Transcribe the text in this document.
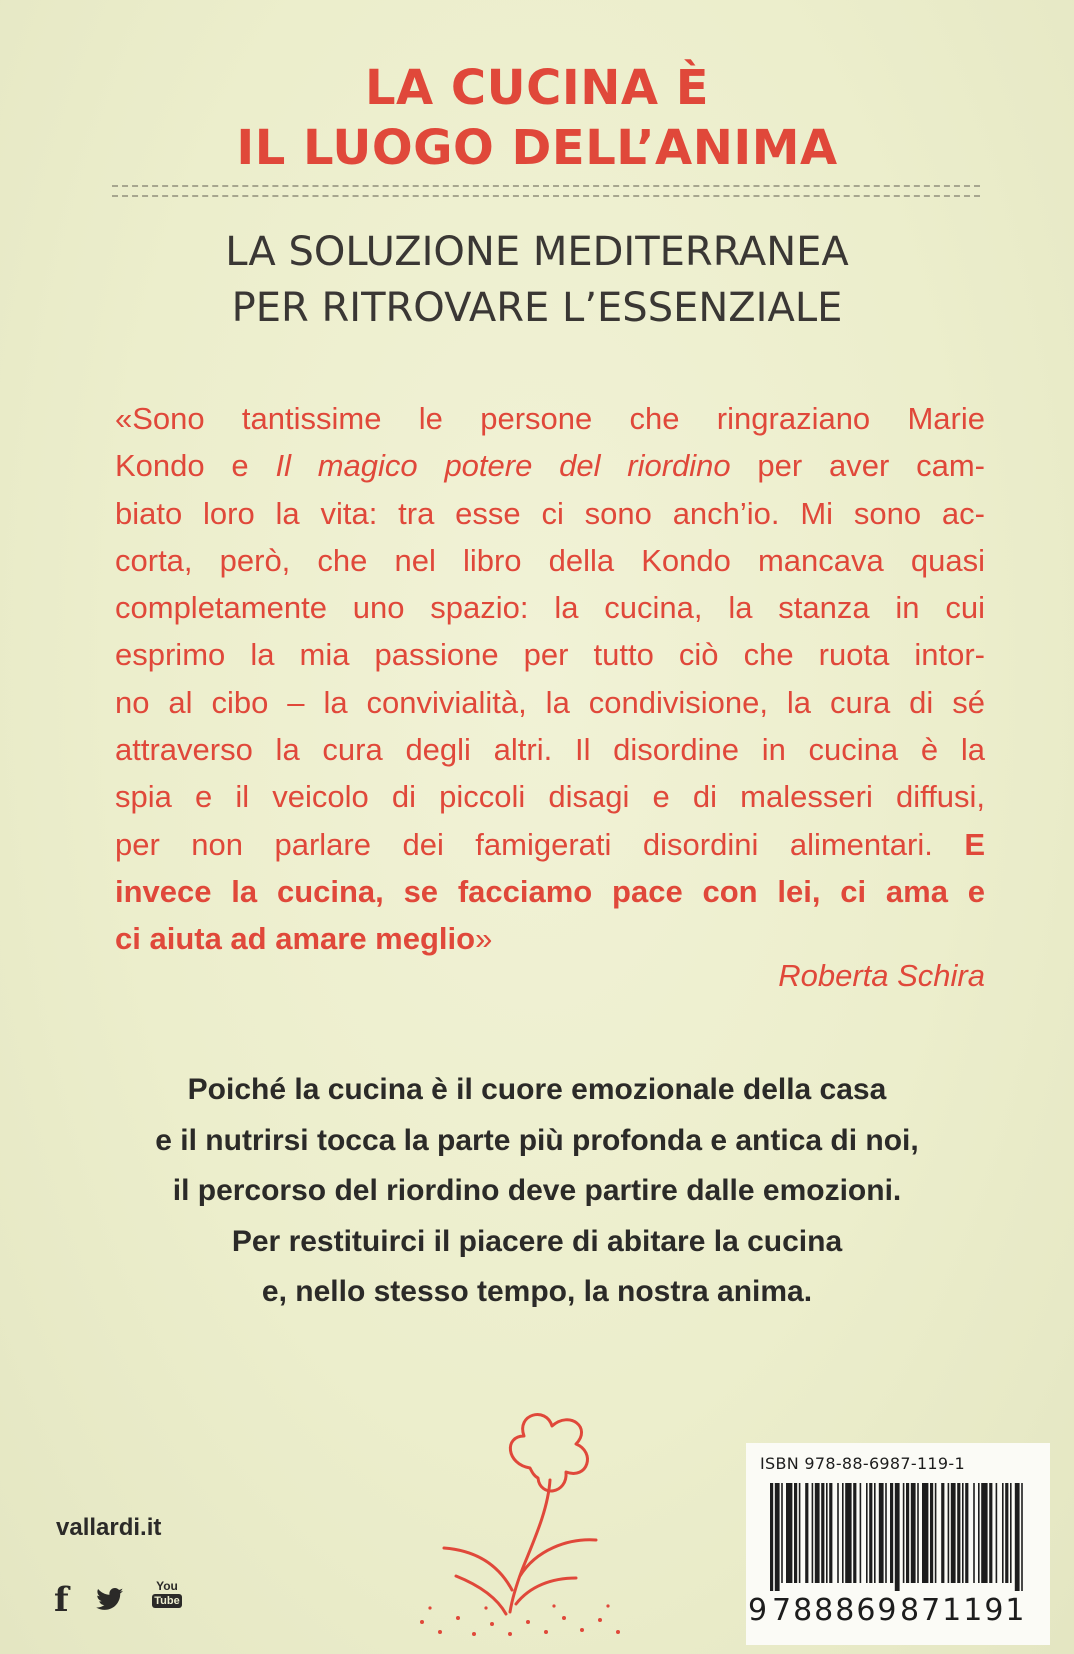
LA CUCINA È
IL LUOGO DELL’ANIMA
LA SOLUZIONE MEDITERRANEA
PER RITROVARE L’ESSENZIALE
«Sono tantissime le persone che ringraziano Marie
Kondo e Il magico potere del riordino per aver cam-
biato loro la vita: tra esse ci sono anch’io. Mi sono ac-
corta, però, che nel libro della Kondo mancava quasi
completamente uno spazio: la cucina, la stanza in cui
esprimo la mia passione per tutto ciò che ruota intor-
no al cibo – la convivialità, la condivisione, la cura di sé
attraverso la cura degli altri. Il disordine in cucina è la
spia e il veicolo di piccoli disagi e di malesseri diffusi,
per non parlare dei famigerati disordini alimentari. E
invece la cucina, se facciamo pace con lei, ci ama e
ci aiuta ad amare meglio»
Roberta Schira
Poiché la cucina è il cuore emozionale della casa
e il nutrirsi tocca la parte più profonda e antica di noi,
il percorso del riordino deve partire dalle emozioni.
Per restituirci il piacere di abitare la cucina
e, nello stesso tempo, la nostra anima.
vallardi.it
f	You
Tube
ISBN 978-88-6987-119-1
9 788869 871191
